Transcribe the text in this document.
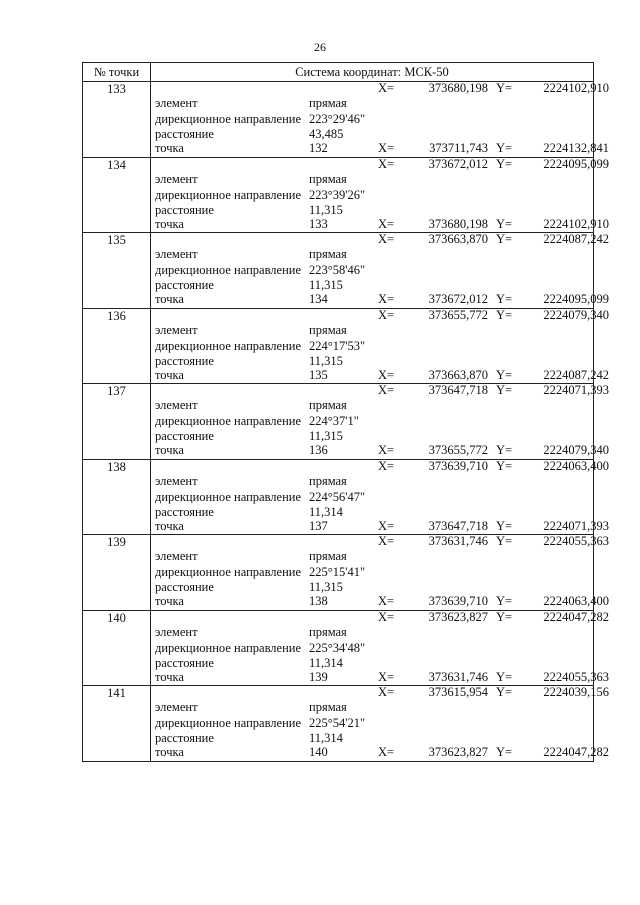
26
№ точки	Система координат: МСК-50
133	X=	373680,198 Y=	2224102,910
элемент	прямая
дирекционное направление 223°29'46"
расстояние	43,485
точка	132	X=	373711,743 Y=	2224132,841
134	X=	373672,012 Y=	2224095,099
элемент	прямая
дирекционное направление 223°39'26"
расстояние	11,315
точка	133	X=	373680,198 Y=	2224102,910
135	X=	373663,870 Y=	2224087,242
элемент	прямая
дирекционное направление 223°58'46"
расстояние	11,315
точка	134	X=	373672,012 Y=	2224095,099
136	X=	373655,772 Y=	2224079,340
элемент	прямая
дирекционное направление 224°17'53"
расстояние	11,315
точка	135	X=	373663,870 Y=	2224087,242
137	X=	373647,718 Y=	2224071,393
элемент	прямая
дирекционное направление 224°37'1"
расстояние	11,315
точка	136	X=	373655,772 Y=	2224079,340
138	X=	373639,710 Y=	2224063,400
элемент	прямая
дирекционное направление 224°56'47"
расстояние	11,314
точка	137	X=	373647,718 Y=	2224071,393
139	X=	373631,746 Y=	2224055,363
элемент	прямая
дирекционное направление 225°15'41"
расстояние	11,315
точка	138	X=	373639,710 Y=	2224063,400
140	X=	373623,827 Y=	2224047,282
элемент	прямая
дирекционное направление 225°34'48"
расстояние	11,314
точка	139	X=	373631,746 Y=	2224055,363
141	X=	373615,954 Y=	2224039,156
элемент	прямая
дирекционное направление 225°54'21"
расстояние	11,314
точка	140	X=	373623,827 Y=	2224047,282
